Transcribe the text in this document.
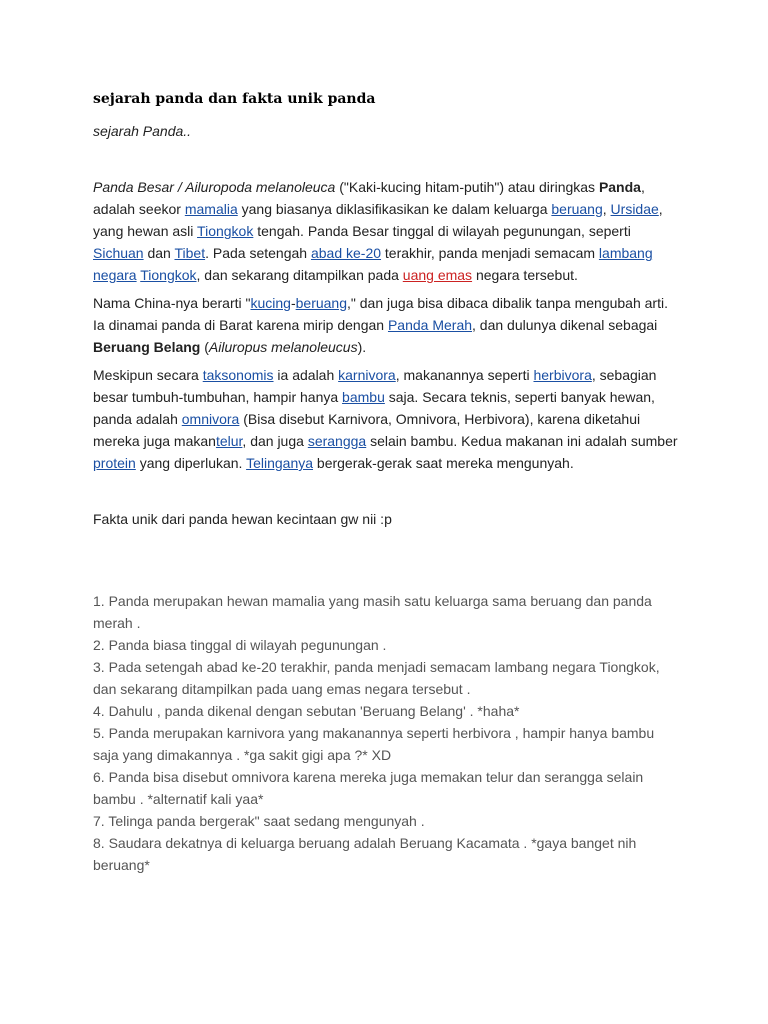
sejarah panda dan fakta unik panda

sejarah Panda..

Panda Besar / Ailuropoda melanoleuca ("Kaki-kucing hitam-putih") atau diringkas Panda, adalah seekor mamalia yang biasanya diklasifikasikan ke dalam keluarga beruang, Ursidae, yang hewan asli Tiongkok tengah. Panda Besar tinggal di wilayah pegunungan, seperti Sichuan dan Tibet. Pada setengah abad ke-20 terakhir, panda menjadi semacam lambang negara Tiongkok, dan sekarang ditampilkan pada uang emas negara tersebut.

Nama China-nya berarti "kucing-beruang," dan juga bisa dibaca dibalik tanpa mengubah arti. Ia dinamai panda di Barat karena mirip dengan Panda Merah, dan dulunya dikenal sebagai Beruang Belang (Ailuropus melanoleucus).

Meskipun secara taksonomis ia adalah karnivora, makanannya seperti herbivora, sebagian besar tumbuh-tumbuhan, hampir hanya bambu saja. Secara teknis, seperti banyak hewan, panda adalah omnivora (Bisa disebut Karnivora, Omnivora, Herbivora), karena diketahui mereka juga makantelur, dan juga serangga selain bambu. Kedua makanan ini adalah sumber protein yang diperlukan. Telinganya bergerak-gerak saat mereka mengunyah.

Fakta unik dari panda hewan kecintaan gw nii :p

1. Panda merupakan hewan mamalia yang masih satu keluarga sama beruang dan panda merah .
2. Panda biasa tinggal di wilayah pegunungan .
3. Pada setengah abad ke-20 terakhir, panda menjadi semacam lambang negara Tiongkok, dan sekarang ditampilkan pada uang emas negara tersebut .
4. Dahulu , panda dikenal dengan sebutan 'Beruang Belang' . *haha*
5. Panda merupakan karnivora yang makanannya seperti herbivora , hampir hanya bambu saja yang dimakannya . *ga sakit gigi apa ?* XD
6. Panda bisa disebut omnivora karena mereka juga memakan telur dan serangga selain bambu . *alternatif kali yaa*
7. Telinga panda bergerak" saat sedang mengunyah .
8. Saudara dekatnya di keluarga beruang adalah Beruang Kacamata . *gaya banget nih beruang*
